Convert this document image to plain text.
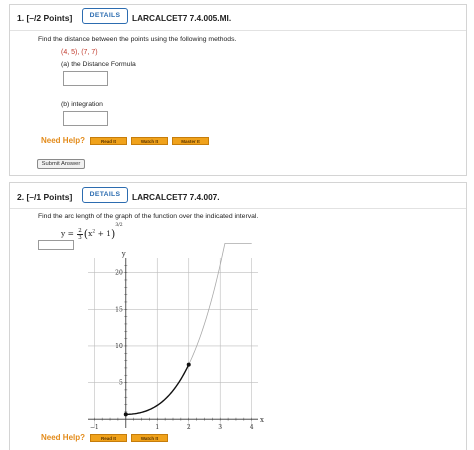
1. [–/2 Points]	DETAILS	LARCALCET7 7.4.005.MI.
Find the distance between the points using the following methods.
(4, 5), (7, 7)
(a) the Distance Formula
(b) integration
Need Help?	Read It	Watch It	Master It
Submit Answer
2. [–/1 Points]	DETAILS	LARCALCET7 7.4.007.
Find the arc length of the graph of the function over the indicated interval.
$y = \frac{2}{3} (x^2 + 1)^{3/2}$
x
y
−1	1	2	3	4
5
10
15
20
Need Help?	Read It	Watch It
